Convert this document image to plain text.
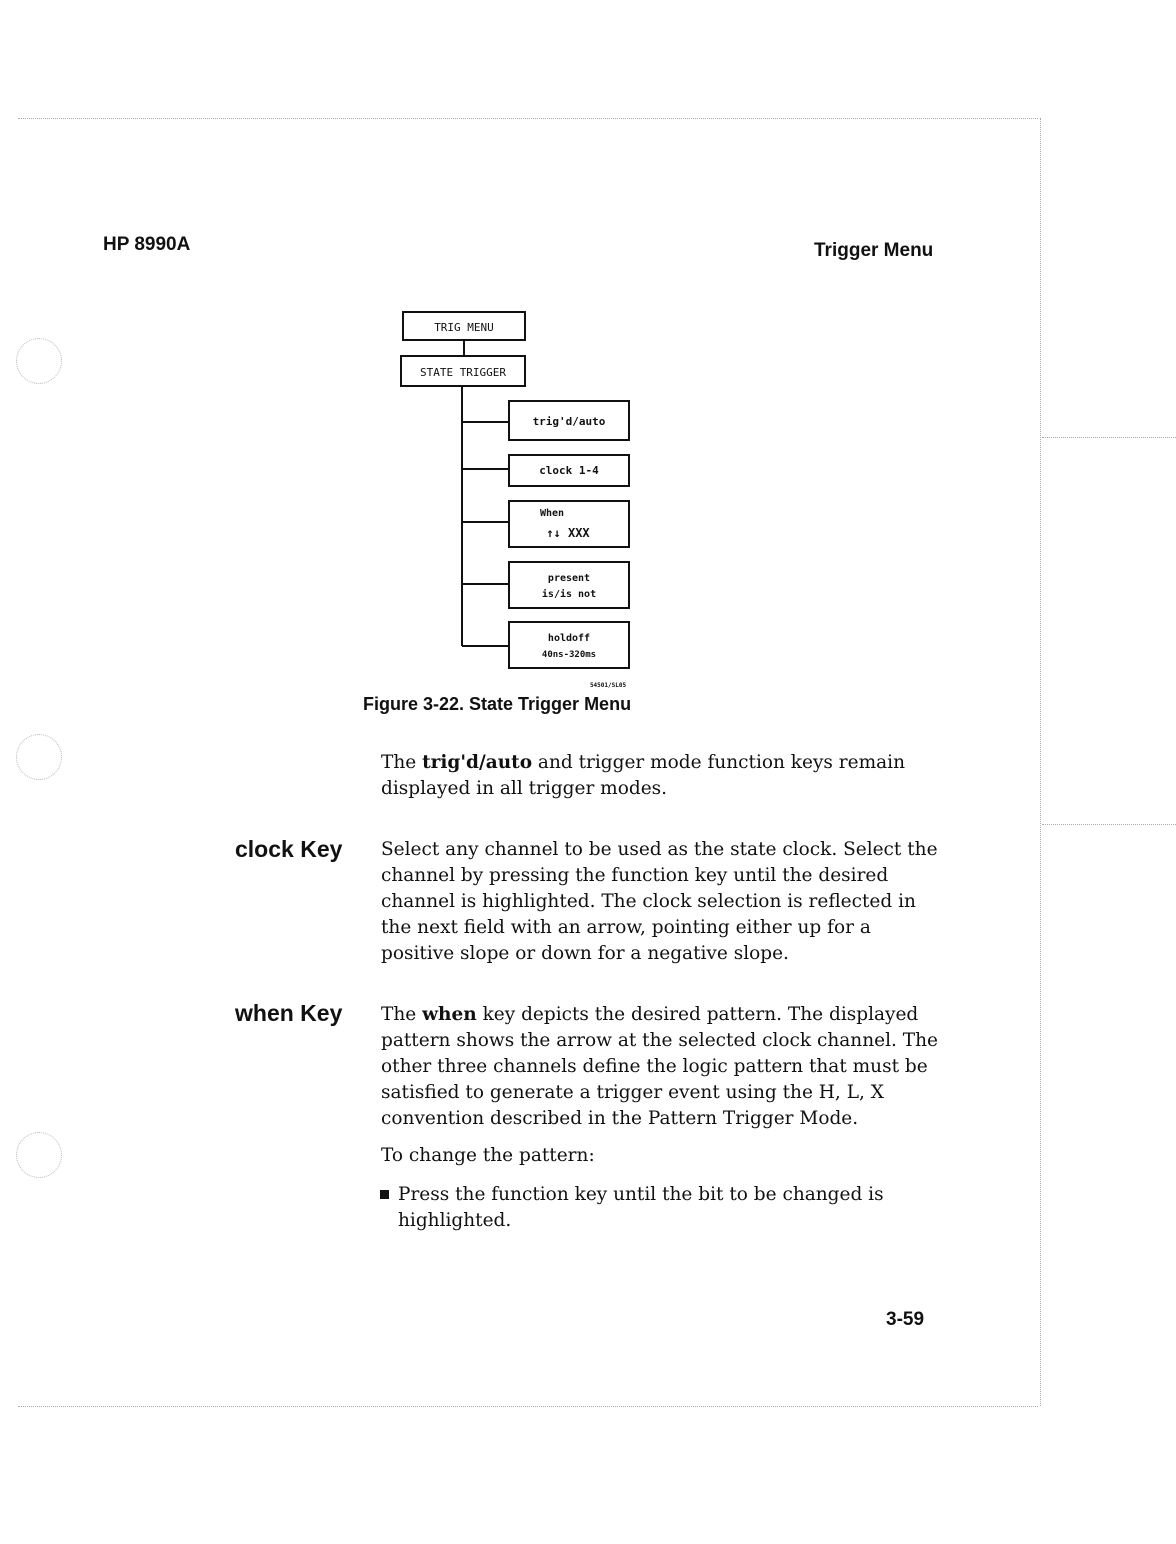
HP 8990A	Trigger Menu
TRIG MENU
STATE TRIGGER
trig'd/auto
clock 1-4
When
↑↓ XXX
present
is/is not
holdoff
40ns-320ms
54501/SL05
Figure 3-22. State Trigger Menu

The trig'd/auto and trigger mode function keys remain displayed in all trigger modes.

clock Key Select any channel to be used as the state clock. Select the channel by pressing the function key until the desired channel is highlighted. The clock selection is reflected in the next field with an arrow, pointing either up for a positive slope or down for a negative slope.

when Key The when key depicts the desired pattern. The displayed pattern shows the arrow at the selected clock channel. The other three channels define the logic pattern that must be satisfied to generate a trigger event using the H, L, X convention described in the Pattern Trigger Mode.

To change the pattern:

Press the function key until the bit to be changed is highlighted.

3-59
